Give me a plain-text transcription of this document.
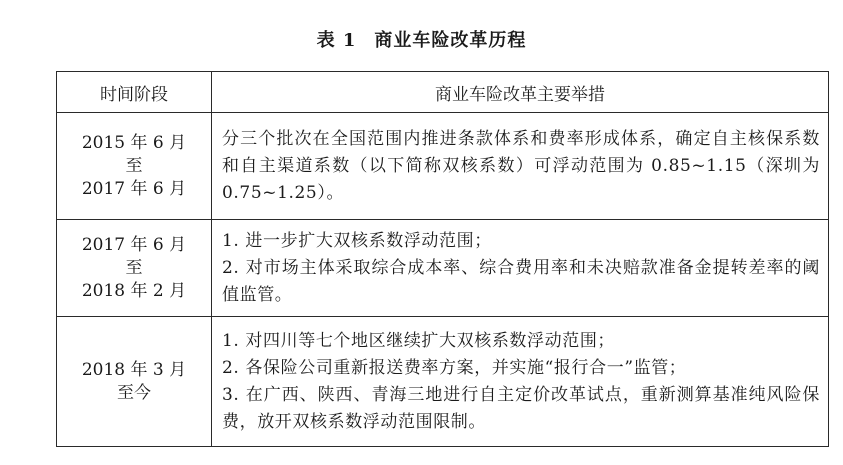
表 1 商业车险改革历程
时间阶段	商业车险改革主要举措

2015 年 6 月
至
2017 年 6 月	分三个批次在全国范围内推进条款体系和费率形成体系，确定自主核保系数和自主渠道系数（以下简称双核系数）可浮动范围为 0.85~1.15（深圳为 0.75~1.25）。

2017 年 6 月
至
2018 年 2 月	1. 进一步扩大双核系数浮动范围；
2. 对市场主体采取综合成本率、综合费用率和未决赔款准备金提转差率的阈值监管。

2018 年 3 月
至今	1. 对四川等七个地区继续扩大双核系数浮动范围；
2. 各保险公司重新报送费率方案，并实施“报行合一”监管；
3. 在广西、陕西、青海三地进行自主定价改革试点，重新测算基准纯风险保费，放开双核系数浮动范围限制。
